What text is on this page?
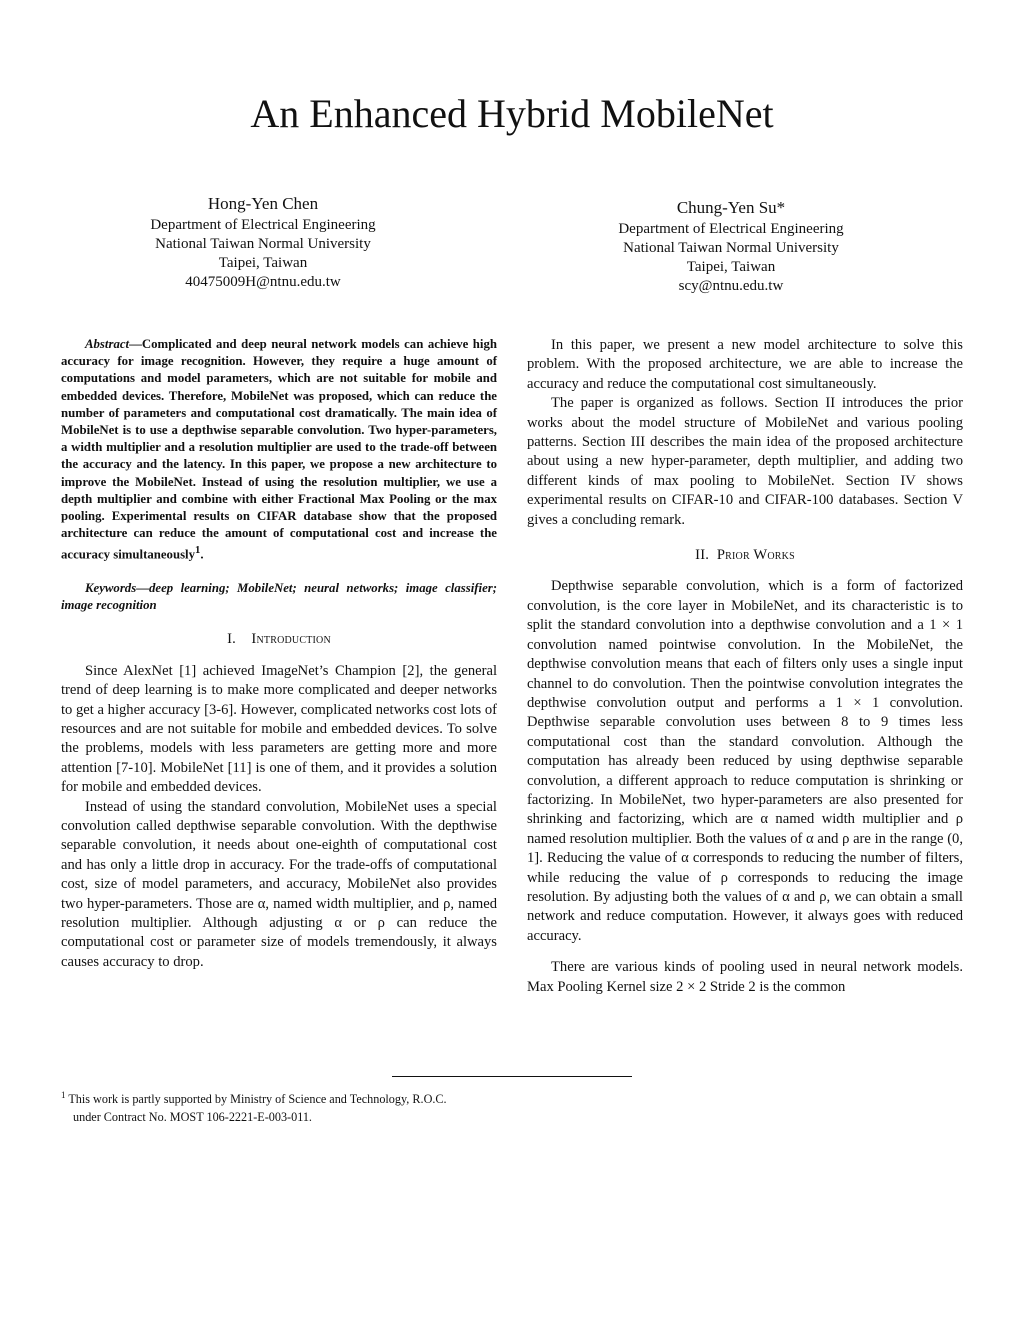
An Enhanced Hybrid MobileNet
Hong-Yen Chen
Department of Electrical Engineering
National Taiwan Normal University
Taipei, Taiwan
40475009H@ntnu.edu.tw
Chung-Yen Su*
Department of Electrical Engineering
National Taiwan Normal University
Taipei, Taiwan
scy@ntnu.edu.tw

Abstract—Complicated and deep neural network models can achieve high accuracy for image recognition. However, they require a huge amount of computations and model parameters, which are not suitable for mobile and embedded devices. Therefore, MobileNet was proposed, which can reduce the number of parameters and computational cost dramatically. The main idea of MobileNet is to use a depthwise separable convolution. Two hyper-parameters, a width multiplier and a resolution multiplier are used to the trade-off between the accuracy and the latency. In this paper, we propose a new architecture to improve the MobileNet. Instead of using the resolution multiplier, we use a depth multiplier and combine with either Fractional Max Pooling or the max pooling. Experimental results on CIFAR database show that the proposed architecture can reduce the amount of computational cost and increase the accuracy simultaneously$^1$.

Keywords—deep learning; MobileNet; neural networks; image classifier; image recognition

I. Introduction

Since AlexNet [1] achieved ImageNet’s Champion [2], the general trend of deep learning is to make more complicated and deeper networks to get a higher accuracy [3-6]. However, complicated networks cost lots of resources and are not suitable for mobile and embedded devices. To solve the problems, models with less parameters are getting more and more attention [7-10]. MobileNet [11] is one of them, and it provides a solution for mobile and embedded devices.

Instead of using the standard convolution, MobileNet uses a special convolution called depthwise separable convolution. With the depthwise separable convolution, it needs about one-eighth of computational cost and has only a little drop in accuracy. For the trade-offs of computational cost, size of model parameters, and accuracy, MobileNet also provides two hyper-parameters. Those are α, named width multiplier, and ρ, named resolution multiplier. Although adjusting α or ρ can reduce the computational cost or parameter size of models tremendously, it always causes accuracy to drop.

In this paper, we present a new model architecture to solve this problem. With the proposed architecture, we are able to increase the accuracy and reduce the computational cost simultaneously.

The paper is organized as follows. Section II introduces the prior works about the model structure of MobileNet and various pooling patterns. Section III describes the main idea of the proposed architecture about using a new hyper-parameter, depth multiplier, and adding two different kinds of max pooling to MobileNet. Section IV shows experimental results on CIFAR-10 and CIFAR-100 databases. Section V gives a concluding remark.

II. Prior Works

Depthwise separable convolution, which is a form of factorized convolution, is the core layer in MobileNet, and its characteristic is to split the standard convolution into a depthwise convolution and a 1 × 1 convolution named pointwise convolution. In the MobileNet, the depthwise convolution means that each of filters only uses a single input channel to do convolution. Then the pointwise convolution integrates the depthwise convolution output and performs a 1 × 1 convolution. Depthwise separable convolution uses between 8 to 9 times less computational cost than the standard convolution. Although the computation has already been reduced by using depthwise separable convolution, a different approach to reduce computation is shrinking or factorizing. In MobileNet, two hyper-parameters are also presented for shrinking and factorizing, which are α named width multiplier and ρ named resolution multiplier. Both the values of α and ρ are in the range (0, 1]. Reducing the value of α corresponds to reducing the number of filters, while reducing the value of ρ corresponds to reducing the image resolution. By adjusting both the values of α and ρ, we can obtain a small network and reduce computation. However, it always goes with reduced accuracy.

There are various kinds of pooling used in neural network models. Max Pooling Kernel size 2 × 2 Stride 2 is the common

$^1$ This work is partly supported by Ministry of Science and Technology, R.O.C.
under Contract No. MOST 106-2221-E-003-011.
